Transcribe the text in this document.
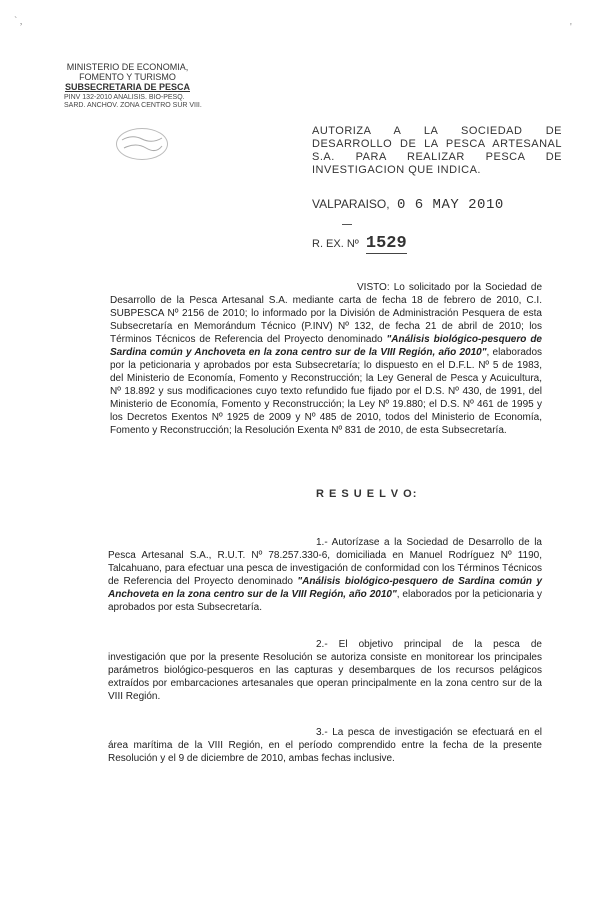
` ,
'
MINISTERIO DE ECONOMIA,
FOMENTO Y TURISMO
SUBSECRETARIA DE PESCA
PINV 132-2010 ANALISIS. BIO-PESQ.
SARD. ANCHOV. ZONA CENTRO SUR VIII.
AUTORIZA A LA SOCIEDAD DE DESARROLLO DE LA PESCA ARTESANAL S.A. PARA REALIZAR PESCA DE INVESTIGACION QUE INDICA.
VALPARAISO, 0 6 MAY 2010
R. EX. Nº 1529
VISTO: Lo solicitado por la Sociedad de Desarrollo de la Pesca Artesanal S.A. mediante carta de fecha 18 de febrero de 2010, C.I. SUBPESCA Nº 2156 de 2010; lo informado por la División de Administración Pesquera de esta Subsecretaría en Memorándum Técnico (P.INV) Nº 132, de fecha 21 de abril de 2010; los Términos Técnicos de Referencia del Proyecto denominado "Análisis biológico-pesquero de Sardina común y Anchoveta en la zona centro sur de la VIII Región, año 2010", elaborados por la peticionaria y aprobados por esta Subsecretaría; lo dispuesto en el D.F.L. Nº 5 de 1983, del Ministerio de Economía, Fomento y Reconstrucción; la Ley General de Pesca y Acuicultura, Nº 18.892 y sus modificaciones cuyo texto refundido fue fijado por el D.S. Nº 430, de 1991, del Ministerio de Economía, Fomento y Reconstrucción; la Ley Nº 19.880; el D.S. Nº 461 de 1995 y los Decretos Exentos Nº 1925 de 2009 y Nº 485 de 2010, todos del Ministerio de Economía, Fomento y Reconstrucción; la Resolución Exenta Nº 831 de 2010, de esta Subsecretaría.
R E S U E L V O:
1.- Autorízase a la Sociedad de Desarrollo de la Pesca Artesanal S.A., R.U.T. Nº 78.257.330-6, domiciliada en Manuel Rodríguez Nº 1190, Talcahuano, para efectuar una pesca de investigación de conformidad con los Términos Técnicos de Referencia del Proyecto denominado "Análisis biológico-pesquero de Sardina común y Anchoveta en la zona centro sur de la VIII Región, año 2010", elaborados por la peticionaria y aprobados por esta Subsecretaría.
2.- El objetivo principal de la pesca de investigación que por la presente Resolución se autoriza consiste en monitorear los principales parámetros biológico-pesqueros en las capturas y desembarques de los recursos pelágicos extraídos por embarcaciones artesanales que operan principalmente en la zona centro sur de la VIII Región.
3.- La pesca de investigación se efectuará en el área marítima de la VIII Región, en el período comprendido entre la fecha de la presente Resolución y el 9 de diciembre de 2010, ambas fechas inclusive.
